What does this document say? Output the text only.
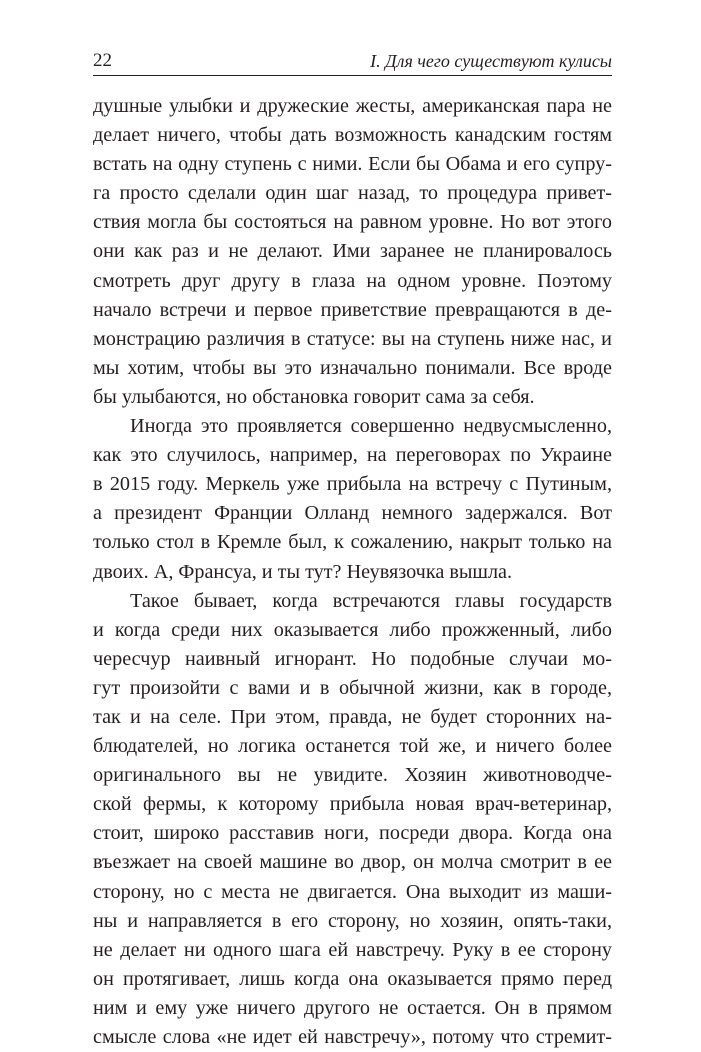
22	I. Для чего существуют кулисы
душные улыбки и дружеские жесты, американская пара не
делает ничего, чтобы дать возможность канадским гостям
встать на одну ступень с ними. Если бы Обама и его супру-
га просто сделали один шаг назад, то процедура привет-
ствия могла бы состояться на равном уровне. Но вот этого
они как раз и не делают. Ими заранее не планировалось
смотреть друг другу в глаза на одном уровне. Поэтому
начало встречи и первое приветствие превращаются в де-
монстрацию различия в статусе: вы на ступень ниже нас, и
мы хотим, чтобы вы это изначально понимали. Все вроде
бы улыбаются, но обстановка говорит сама за себя.
Иногда это проявляется совершенно недвусмысленно,
как это случилось, например, на переговорах по Украине
в 2015 году. Меркель уже прибыла на встречу с Путиным,
а президент Франции Олланд немного задержался. Вот
только стол в Кремле был, к сожалению, накрыт только на
двоих. А, Франсуа, и ты тут? Неувязочка вышла.
Такое бывает, когда встречаются главы государств
и когда среди них оказывается либо прожженный, либо
чересчур наивный игнорант. Но подобные случаи мо-
гут произойти с вами и в обычной жизни, как в городе,
так и на селе. При этом, правда, не будет сторонних на-
блюдателей, но логика останется той же, и ничего более
оригинального вы не увидите. Хозяин животноводче-
ской фермы, к которому прибыла новая врач-ветеринар,
стоит, широко расставив ноги, посреди двора. Когда она
въезжает на своей машине во двор, он молча смотрит в ее
сторону, но с места не двигается. Она выходит из маши-
ны и направляется в его сторону, но хозяин, опять-таки,
не делает ни одного шага ей навстречу. Руку в ее сторону
он протягивает, лишь когда она оказывается прямо перед
ним и ему уже ничего другого не остается. Он в прямом
смысле слова «не идет ей навстречу», потому что стремит-
